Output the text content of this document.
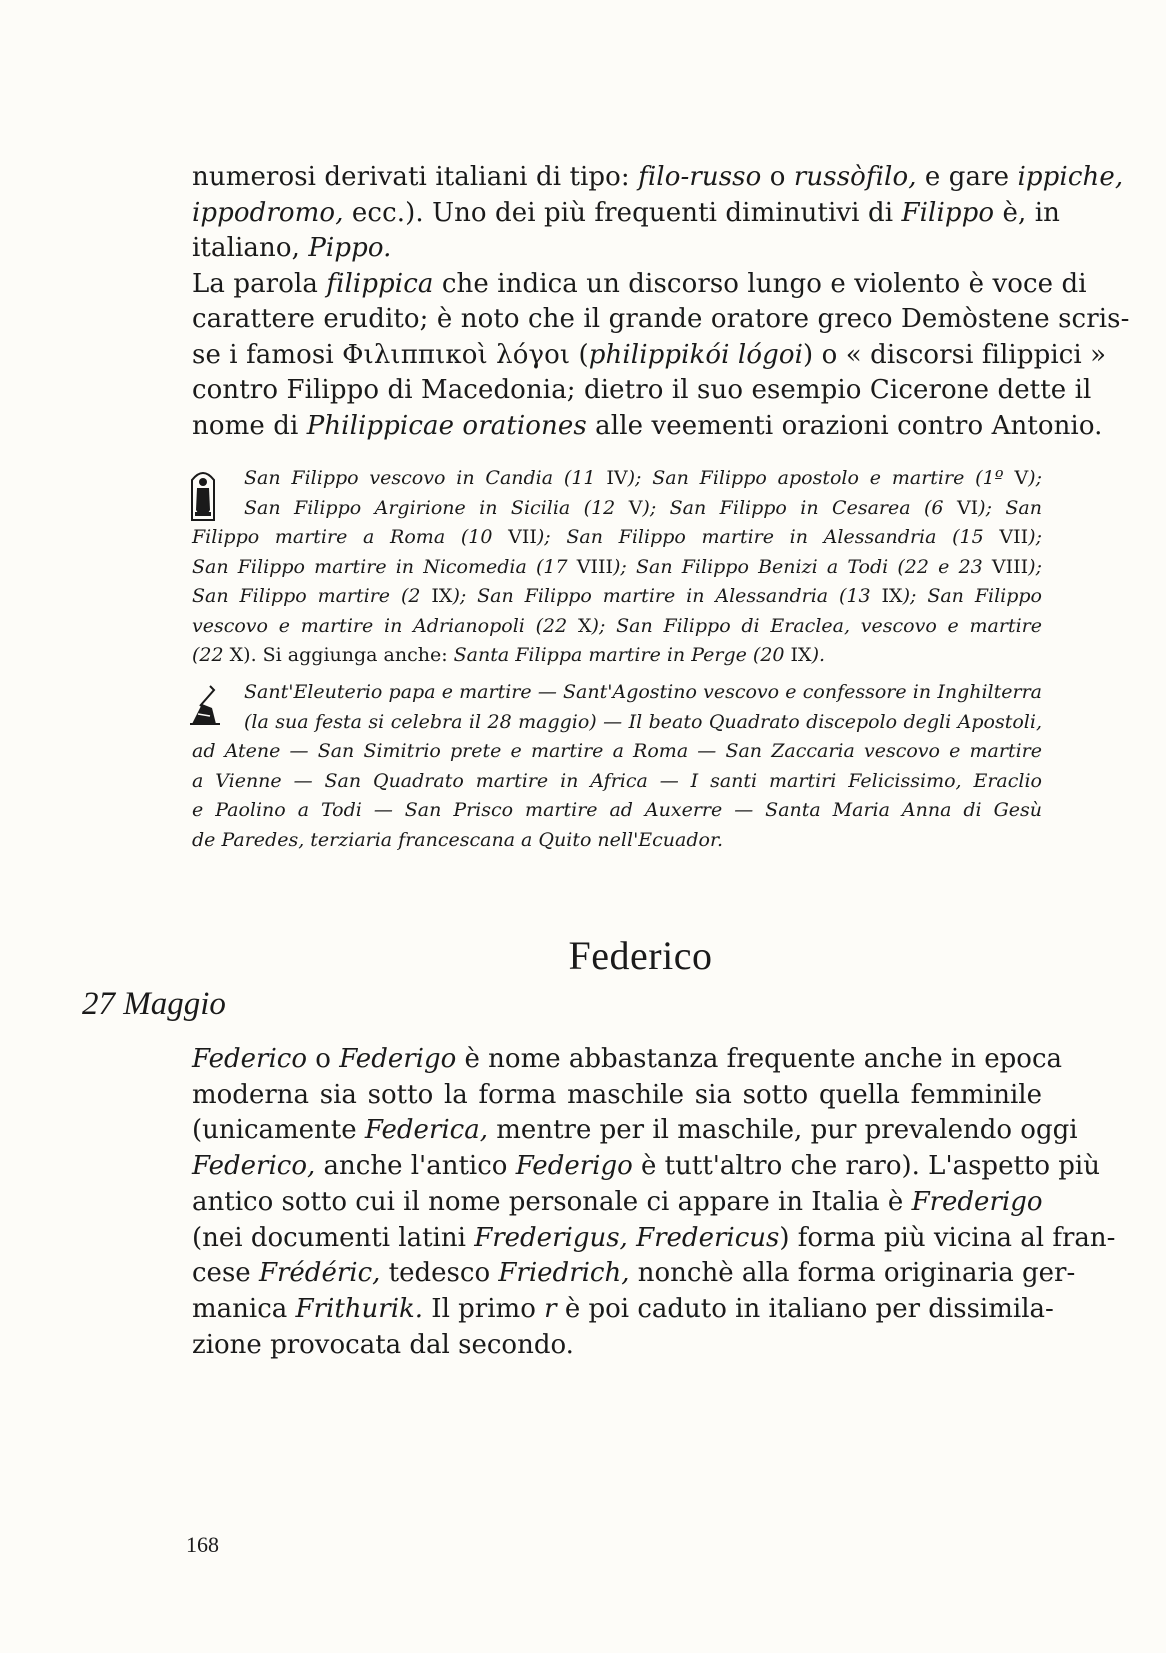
numerosi derivati italiani di tipo: filo-russo o russòfilo, e gare ippiche,
ippodromo, ecc.). Uno dei più frequenti diminutivi di Filippo è, in
italiano, Pippo.
La parola filippica che indica un discorso lungo e violento è voce di
carattere erudito; è noto che il grande oratore greco Demòstene scris-
se i famosi Φιλιππικοὶ λόγοι (philippikói lógoi) o « discorsi filippici »
contro Filippo di Macedonia; dietro il suo esempio Cicerone dette il
nome di Philippicae orationes alle veementi orazioni contro Antonio.
San Filippo vescovo in Candia (11 IV); San Filippo apostolo e martire (1º V);
San Filippo Argirione in Sicilia (12 V); San Filippo in Cesarea (6 VI); San
Filippo martire a Roma (10 VII); San Filippo martire in Alessandria (15 VII);
San Filippo martire in Nicomedia (17 VIII); San Filippo Benizi a Todi (22 e 23 VIII);
San Filippo martire (2 IX); San Filippo martire in Alessandria (13 IX); San Filippo
vescovo e martire in Adrianopoli (22 X); San Filippo di Eraclea, vescovo e martire
(22 X). Si aggiunga anche: Santa Filippa martire in Perge (20 IX).
Sant'Eleuterio papa e martire — Sant'Agostino vescovo e confessore in Inghilterra
(la sua festa si celebra il 28 maggio) — Il beato Quadrato discepolo degli Apostoli,
ad Atene — San Simitrio prete e martire a Roma — San Zaccaria vescovo e martire
a Vienne — San Quadrato martire in Africa — I santi martiri Felicissimo, Eraclio
e Paolino a Todi — San Prisco martire ad Auxerre — Santa Maria Anna di Gesù
de Paredes, terziaria francescana a Quito nell'Ecuador.
Federico
27 Maggio
Federico o Federigo è nome abbastanza frequente anche in epoca
moderna sia sotto la forma maschile sia sotto quella femminile
(unicamente Federica, mentre per il maschile, pur prevalendo oggi
Federico, anche l'antico Federigo è tutt'altro che raro). L'aspetto più
antico sotto cui il nome personale ci appare in Italia è Frederigo
(nei documenti latini Frederigus, Fredericus) forma più vicina al fran-
cese Frédéric, tedesco Friedrich, nonchè alla forma originaria ger-
manica Frithurik. Il primo r è poi caduto in italiano per dissimila-
zione provocata dal secondo.
168
